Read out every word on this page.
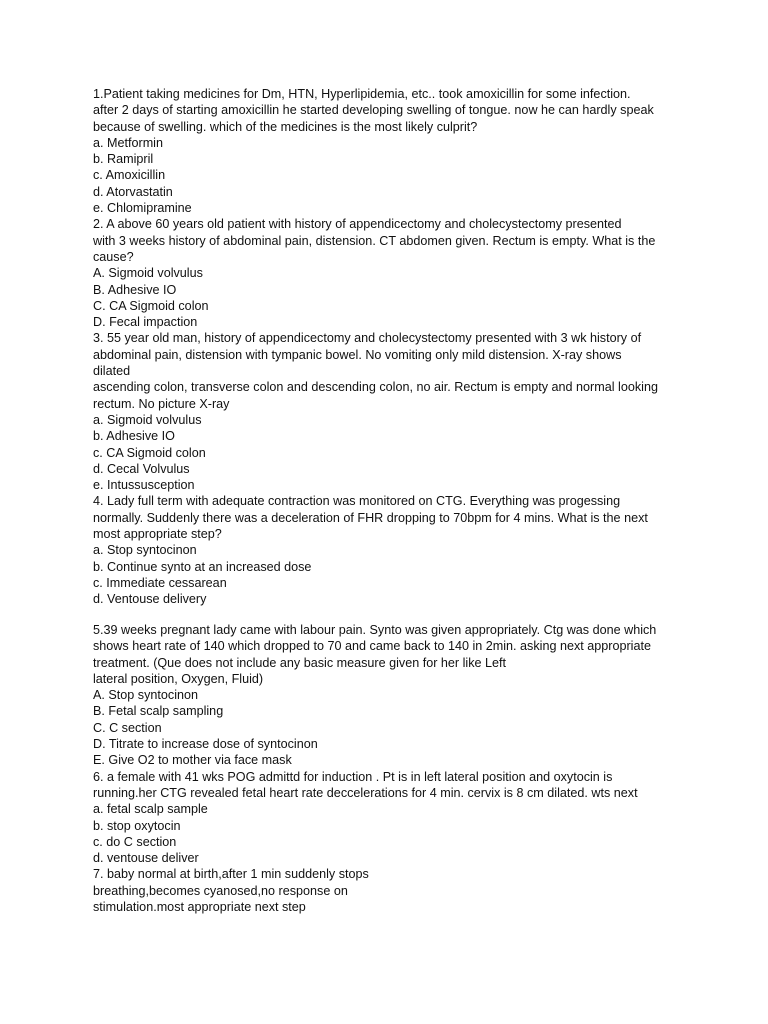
1.Patient taking medicines for Dm, HTN, Hyperlipidemia, etc.. took amoxicillin for some infection.
after 2 days of starting amoxicillin he started developing swelling of tongue. now he can hardly speak
because of swelling. which of the medicines is the most likely culprit?
a. Metformin
b. Ramipril
c. Amoxicillin
d. Atorvastatin
e. Chlomipramine
2. A above 60 years old patient with history of appendicectomy and cholecystectomy presented
with 3 weeks history of abdominal pain, distension. CT abdomen given. Rectum is empty. What is the
cause?
A. Sigmoid volvulus
B. Adhesive IO
C. CA Sigmoid colon
D. Fecal impaction
3. 55 year old man, history of appendicectomy and cholecystectomy presented with 3 wk history of
abdominal pain, distension with tympanic bowel. No vomiting only mild distension. X-ray shows
dilated
ascending colon, transverse colon and descending colon, no air. Rectum is empty and normal looking
rectum. No picture X-ray
a. Sigmoid volvulus
b. Adhesive IO
c. CA Sigmoid colon
d. Cecal Volvulus
e. Intussusception
4. Lady full term with adequate contraction was monitored on CTG. Everything was progessing
normally. Suddenly there was a deceleration of FHR dropping to 70bpm for 4 mins. What is the next
most appropriate step?
a. Stop syntocinon
b. Continue synto at an increased dose
c. Immediate cessarean
d. Ventouse delivery
5.39 weeks pregnant lady came with labour pain. Synto was given appropriately. Ctg was done which
shows heart rate of 140 which dropped to 70 and came back to 140 in 2min. asking next appropriate
treatment. (Que does not include any basic measure given for her like Left
lateral position, Oxygen, Fluid)
A. Stop syntocinon
B. Fetal scalp sampling
C. C section
D. Titrate to increase dose of syntocinon
E. Give O2 to mother via face mask
6. a female with 41 wks POG admittd for induction . Pt is in left lateral position and oxytocin is
running.her CTG revealed fetal heart rate deccelerations for 4 min. cervix is 8 cm dilated. wts next
a. fetal scalp sample
b. stop oxytocin
c. do C section
d. ventouse deliver
7. baby normal at birth,after 1 min suddenly stops
breathing,becomes cyanosed,no response on
stimulation.most appropriate next step
